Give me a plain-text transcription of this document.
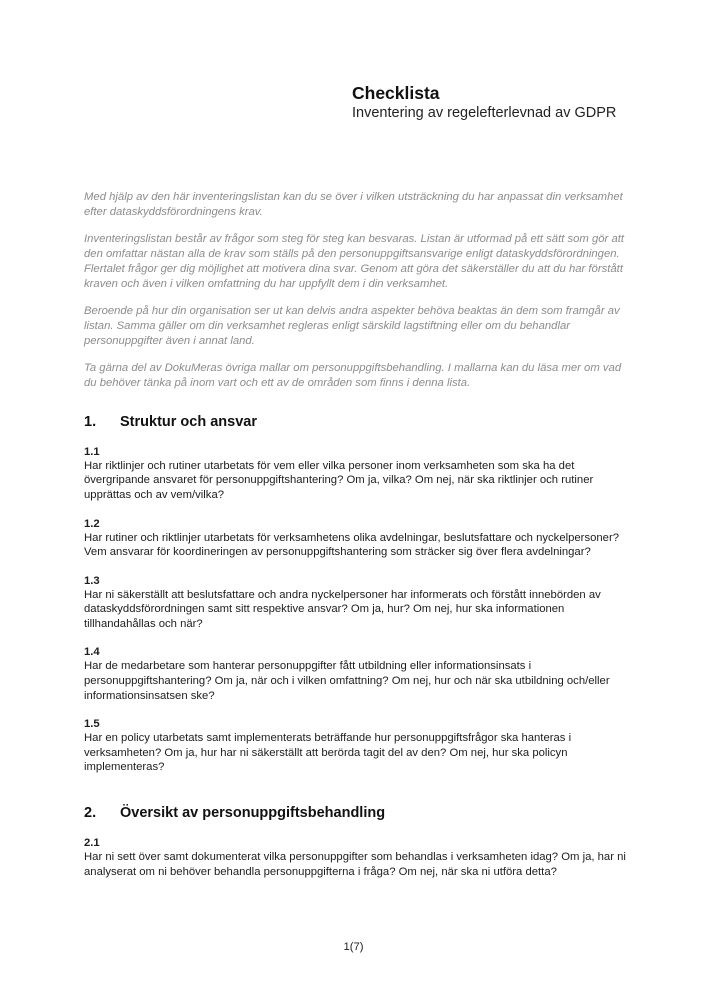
Checklista
Inventering av regelefterlevnad av GDPR

Med hjälp av den här inventeringslistan kan du se över i vilken utsträckning du har anpassat din verksamhet efter dataskyddsförordningens krav.

Inventeringslistan består av frågor som steg för steg kan besvaras. Listan är utformad på ett sätt som gör att den omfattar nästan alla de krav som ställs på den personuppgiftsansvarige enligt dataskyddsförordningen. Flertalet frågor ger dig möjlighet att motivera dina svar. Genom att göra det säkerställer du att du har förstått kraven och även i vilken omfattning du har uppfyllt dem i din verksamhet.

Beroende på hur din organisation ser ut kan delvis andra aspekter behöva beaktas än dem som framgår av listan. Samma gäller om din verksamhet regleras enligt särskild lagstiftning eller om du behandlar personuppgifter även i annat land.

Ta gärna del av DokuMeras övriga mallar om personuppgiftsbehandling. I mallarna kan du läsa mer om vad du behöver tänka på inom vart och ett av de områden som finns i denna lista.

1.	Struktur och ansvar
1.1

Har riktlinjer och rutiner utarbetats för vem eller vilka personer inom verksamheten som ska ha det övergripande ansvaret för personuppgiftshantering? Om ja, vilka? Om nej, när ska riktlinjer och rutiner upprättas och av vem/vilka?

1.2

Har rutiner och riktlinjer utarbetats för verksamhetens olika avdelningar, beslutsfattare och nyckelpersoner? Vem ansvarar för koordineringen av personuppgiftshantering som sträcker sig över flera avdelningar?

1.3

Har ni säkerställt att beslutsfattare och andra nyckelpersoner har informerats och förstått innebörden av dataskyddsförordningen samt sitt respektive ansvar? Om ja, hur? Om nej, hur ska informationen tillhandahållas och när?

1.4

Har de medarbetare som hanterar personuppgifter fått utbildning eller informationsinsats i personuppgiftshantering? Om ja, när och i vilken omfattning? Om nej, hur och när ska utbildning och/eller informationsinsatsen ske?

1.5

Har en policy utarbetats samt implementerats beträffande hur personuppgiftsfrågor ska hanteras i verksamheten? Om ja, hur har ni säkerställt att berörda tagit del av den? Om nej, hur ska policyn implementeras?

2.	Översikt av personuppgiftsbehandling
2.1

Har ni sett över samt dokumenterat vilka personuppgifter som behandlas i verksamheten idag? Om ja, har ni analyserat om ni behöver behandla personuppgifterna i fråga? Om nej, när ska ni utföra detta?

1(7)
